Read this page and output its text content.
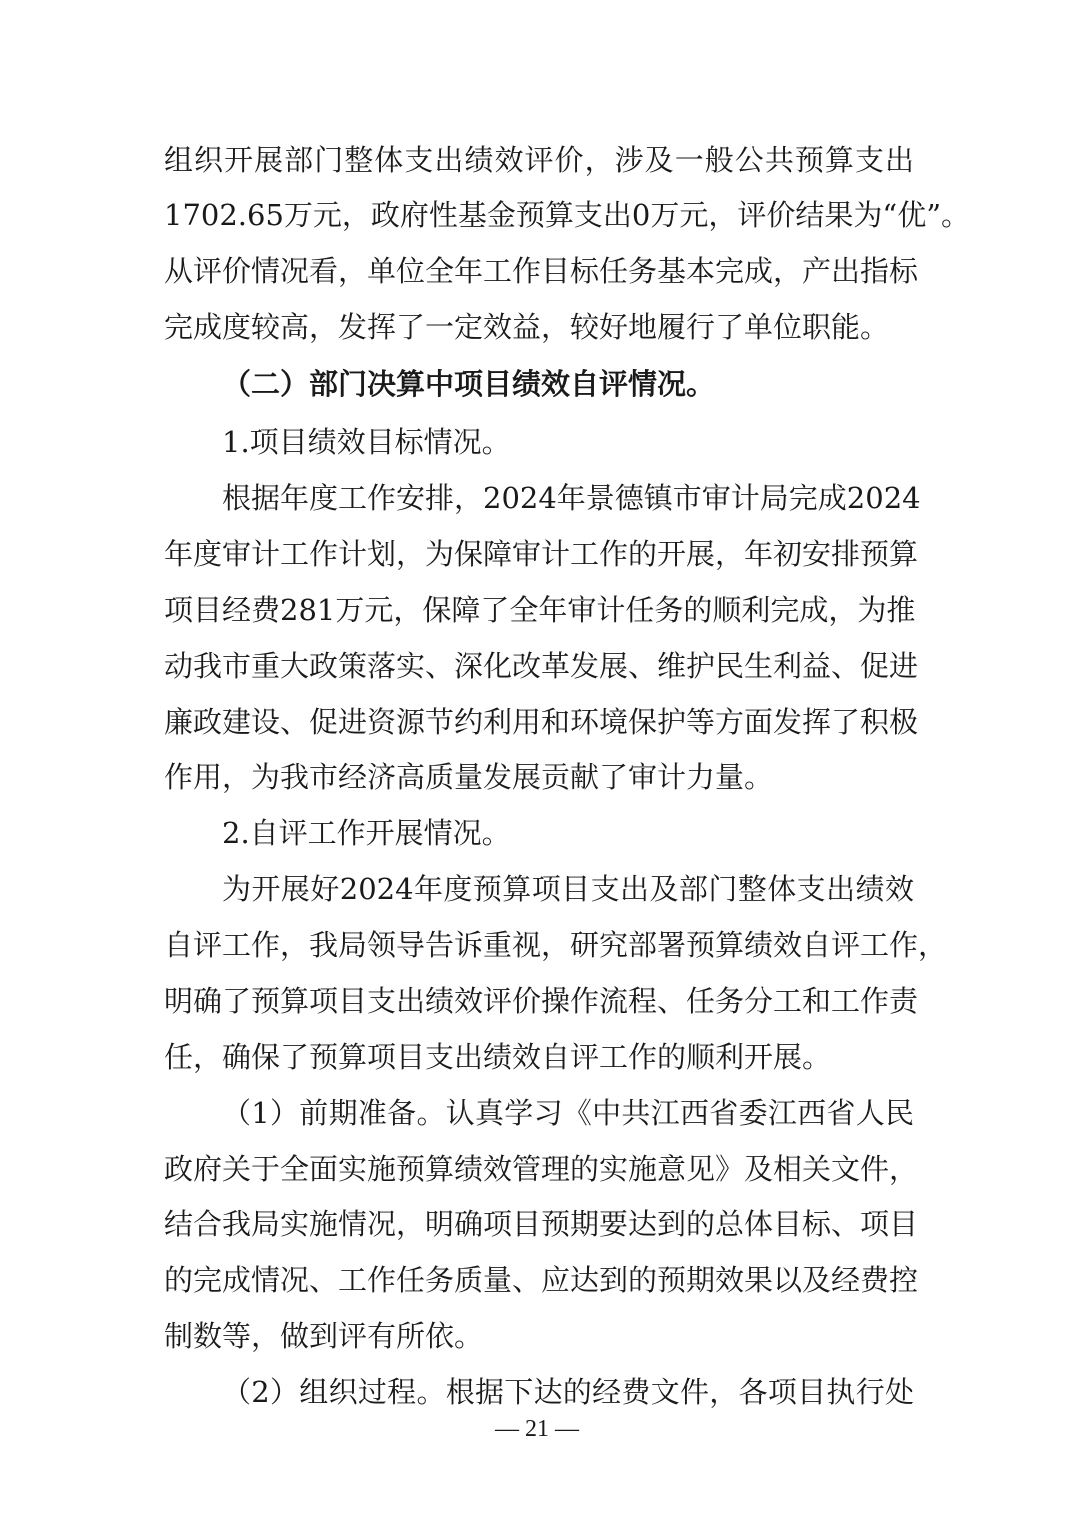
组织开展部门整体支出绩效评价，涉及一般公共预算支出
1702.65万元，政府性基金预算支出0万元，评价结果为“优”。
从评价情况看，单位全年工作目标任务基本完成，产出指标
完成度较高，发挥了一定效益，较好地履行了单位职能。
（二）部门决算中项目绩效自评情况。
1.项目绩效目标情况。
根据年度工作安排，2024年景德镇市审计局完成2024
年度审计工作计划，为保障审计工作的开展，年初安排预算
项目经费281万元，保障了全年审计任务的顺利完成，为推
动我市重大政策落实、深化改革发展、维护民生利益、促进
廉政建设、促进资源节约利用和环境保护等方面发挥了积极
作用，为我市经济高质量发展贡献了审计力量。
2.自评工作开展情况。
为开展好2024年度预算项目支出及部门整体支出绩效
自评工作，我局领导告诉重视，研究部署预算绩效自评工作，
明确了预算项目支出绩效评价操作流程、任务分工和工作责
任，确保了预算项目支出绩效自评工作的顺利开展。
（1）前期准备。认真学习《中共江西省委江西省人民
政府关于全面实施预算绩效管理的实施意见》及相关文件，
结合我局实施情况，明确项目预期要达到的总体目标、项目
的完成情况、工作任务质量、应达到的预期效果以及经费控
制数等，做到评有所依。
（2）组织过程。根据下达的经费文件，各项目执行处
— 21 —
